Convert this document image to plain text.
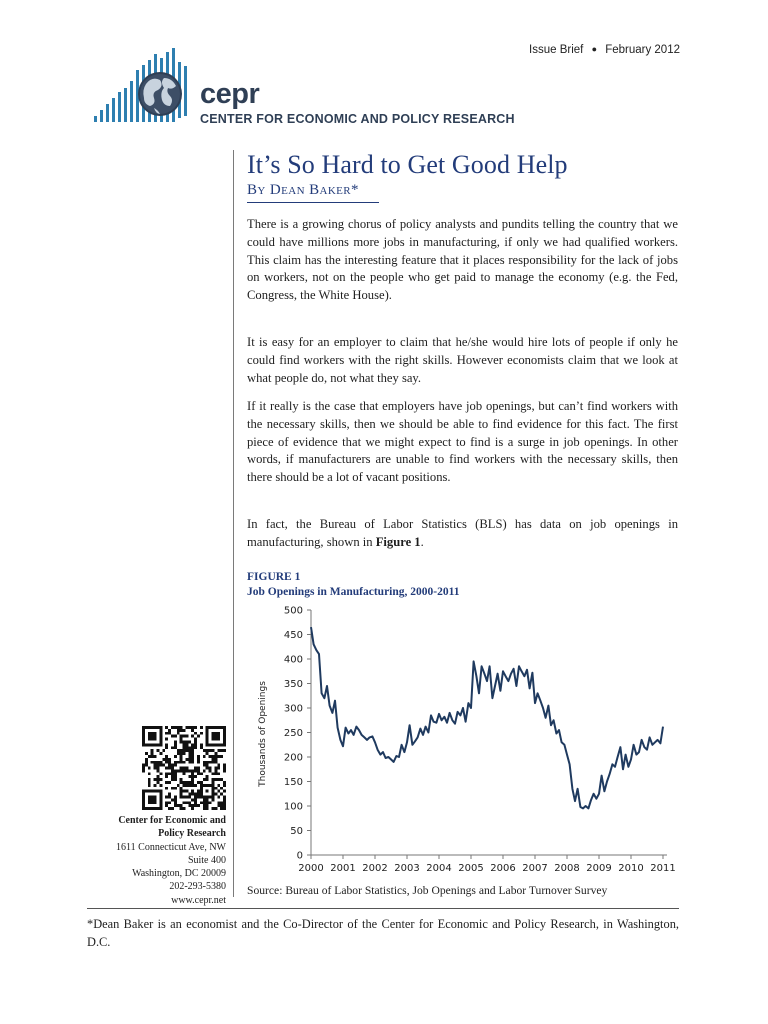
Issue Brief ● February 2012
cepr
CENTER FOR ECONOMIC AND POLICY RESEARCH
It’s So Hard to Get Good Help
By Dean Baker*
There is a growing chorus of policy analysts and pundits telling the country that we could have millions more jobs in manufacturing, if only we had qualified workers. This claim has the interesting feature that it places responsibility for the lack of jobs on workers, not on the people who get paid to manage the economy (e.g. the Fed, Congress, the White House).
It is easy for an employer to claim that he/she would hire lots of people if only he could find workers with the right skills. However economists claim that we look at what people do, not what they say.
If it really is the case that employers have job openings, but can’t find workers with the necessary skills, then we should be able to find evidence for this fact. The first piece of evidence that we might expect to find is a surge in job openings. In other words, if manufacturers are unable to find workers with the necessary skills, then there should be a lot of vacant positions.
In fact, the Bureau of Labor Statistics (BLS) has data on job openings in manufacturing, shown in Figure 1.
FIGURE 1
Job Openings in Manufacturing, 2000-2011
Thousands of Openings
0
50
100
150
200
250
300
350
400
450
500
2000 2001 2002 2003 2004 2005 2006 2007 2008 2009 2010 2011
Source: Bureau of Labor Statistics, Job Openings and Labor Turnover Survey
Center for Economic and
Policy Research
1611 Connecticut Ave, NW
Suite 400
Washington, DC 20009
202-293-5380
www.cepr.net
*Dean Baker is an economist and the Co-Director of the Center for Economic and Policy Research, in Washington, D.C.
